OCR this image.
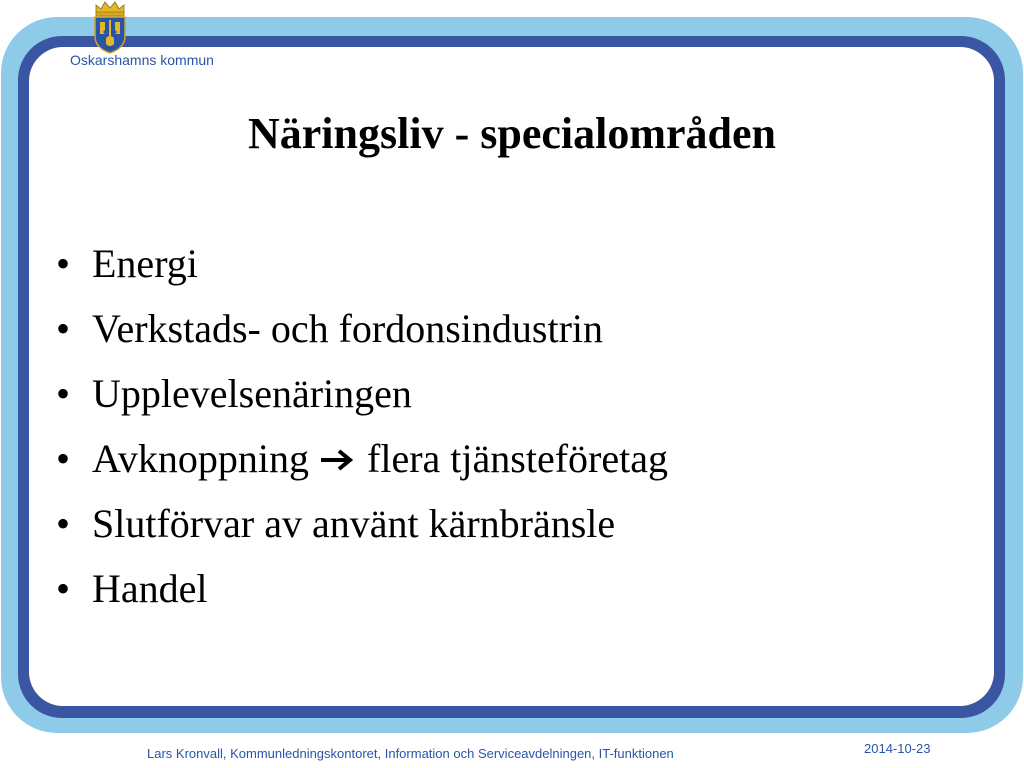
Oskarshamns kommun
Näringsliv - specialområden
• Energi
• Verkstads- och fordonsindustrin
• Upplevelsenäringen
• Avknoppning flera tjänsteföretag
• Slutförvar av använt kärnbränsle
• Handel
Lars Kronvall, Kommunledningskontoret, Information och Serviceavdelningen, IT-funktionen	2014-10-23
